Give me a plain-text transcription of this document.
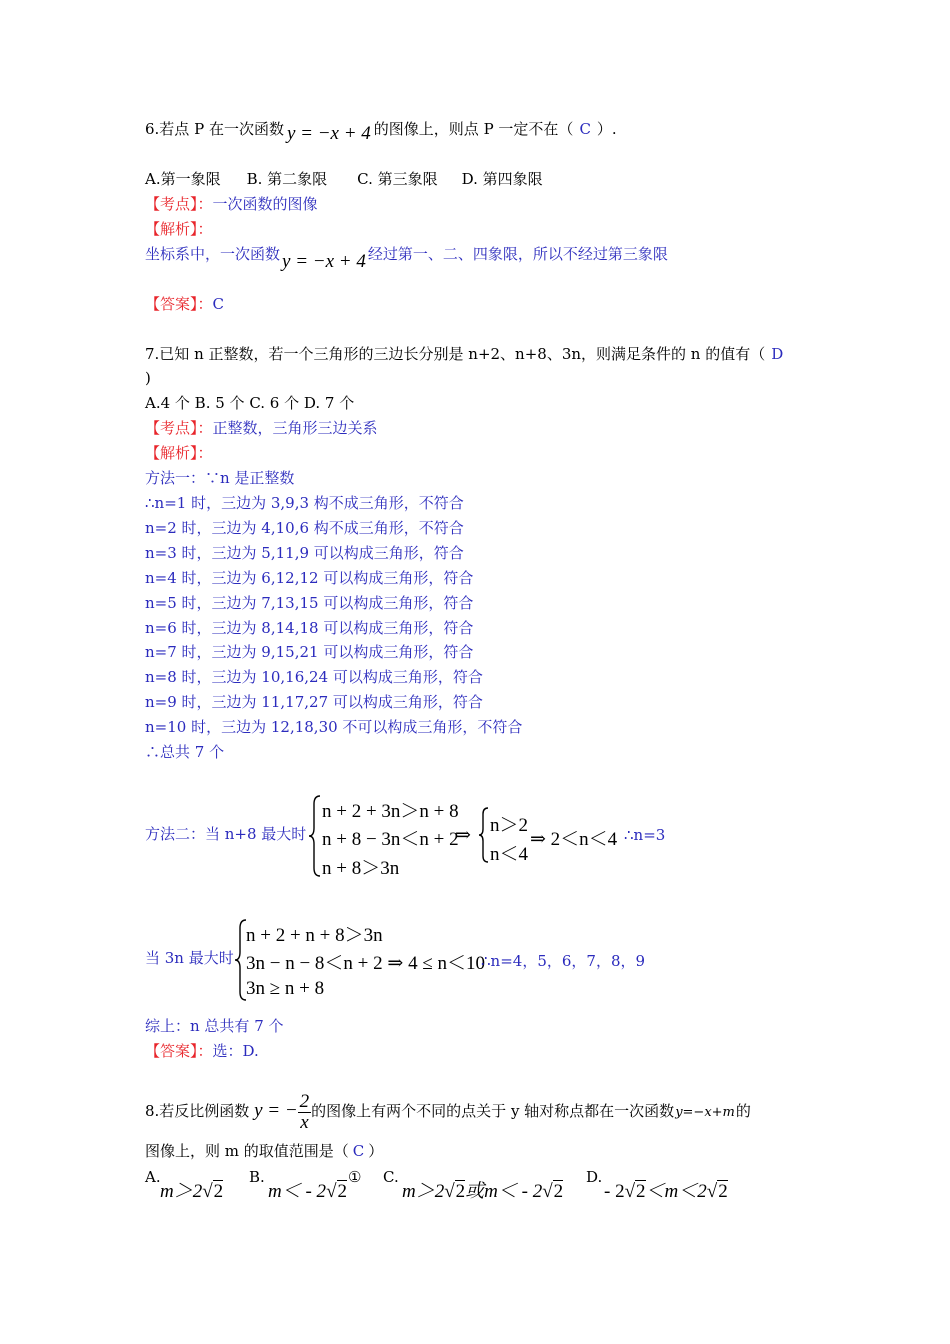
6.若点 P 在一次函数 y = −x + 4 的图像上，则点 P 一定不在（ C ）.
A.第一象限 B. 第二象限 C. 第三象限 D. 第四象限
【考点】：一次函数的图像
【解析】：
坐标系中，一次函数 y = −x + 4 经过第一、二、四象限，所以不经过第三象限
【答案】：C
7.已知 n 正整数，若一个三角形的三边长分别是 n+2、n+8、3n，则满足条件的 n 的值有（ D
)
A.4 个 B. 5 个 C. 6 个 D. 7 个
【考点】：正整数，三角形三边关系
【解析】：
方法一：∵n 是正整数
∴n=1 时，三边为 3,9,3 构不成三角形，不符合
n=2 时，三边为 4,10,6 构不成三角形，不符合
n=3 时，三边为 5,11,9 可以构成三角形，符合
n=4 时，三边为 6,12,12 可以构成三角形，符合
n=5 时，三边为 7,13,15 可以构成三角形，符合
n=6 时，三边为 8,14,18 可以构成三角形，符合
n=7 时，三边为 9,15,21 可以构成三角形，符合
n=8 时，三边为 10,16,24 可以构成三角形，符合
n=9 时，三边为 11,17,27 可以构成三角形，符合
n=10 时，三边为 12,18,30 不可以构成三角形，不符合
∴总共 7 个
方法二：当 n+8 最大时
n + 2 + 3n＞n + 8
n + 8 − 3n＜n + 2
n + 8＞3n
⇒ n＞2
n＜4
⇒ 2＜n＜4 ∴n=3
当 3n 最大时
n + 2 + n + 8＞3n
3n − n − 8＜n + 2 ⇒ 4 ≤ n＜10
3n ≥ n + 8
∴n=4，5，6，7，8，9
综上：n 总共有 7 个
【答案】：选：D.
8.若反比例函数 y = − $\frac{2}{x}$ 的图像上有两个不同的点关于 y 轴对称点都在一次函数y=−x+m的
图像上，则 m 的取值范围是（ C ）
A.
m＞2√2
B.
m＜ - 2√2
① C.
m＞2√2或m＜ - 2√2
D.
- 2√2＜m＜2√2
